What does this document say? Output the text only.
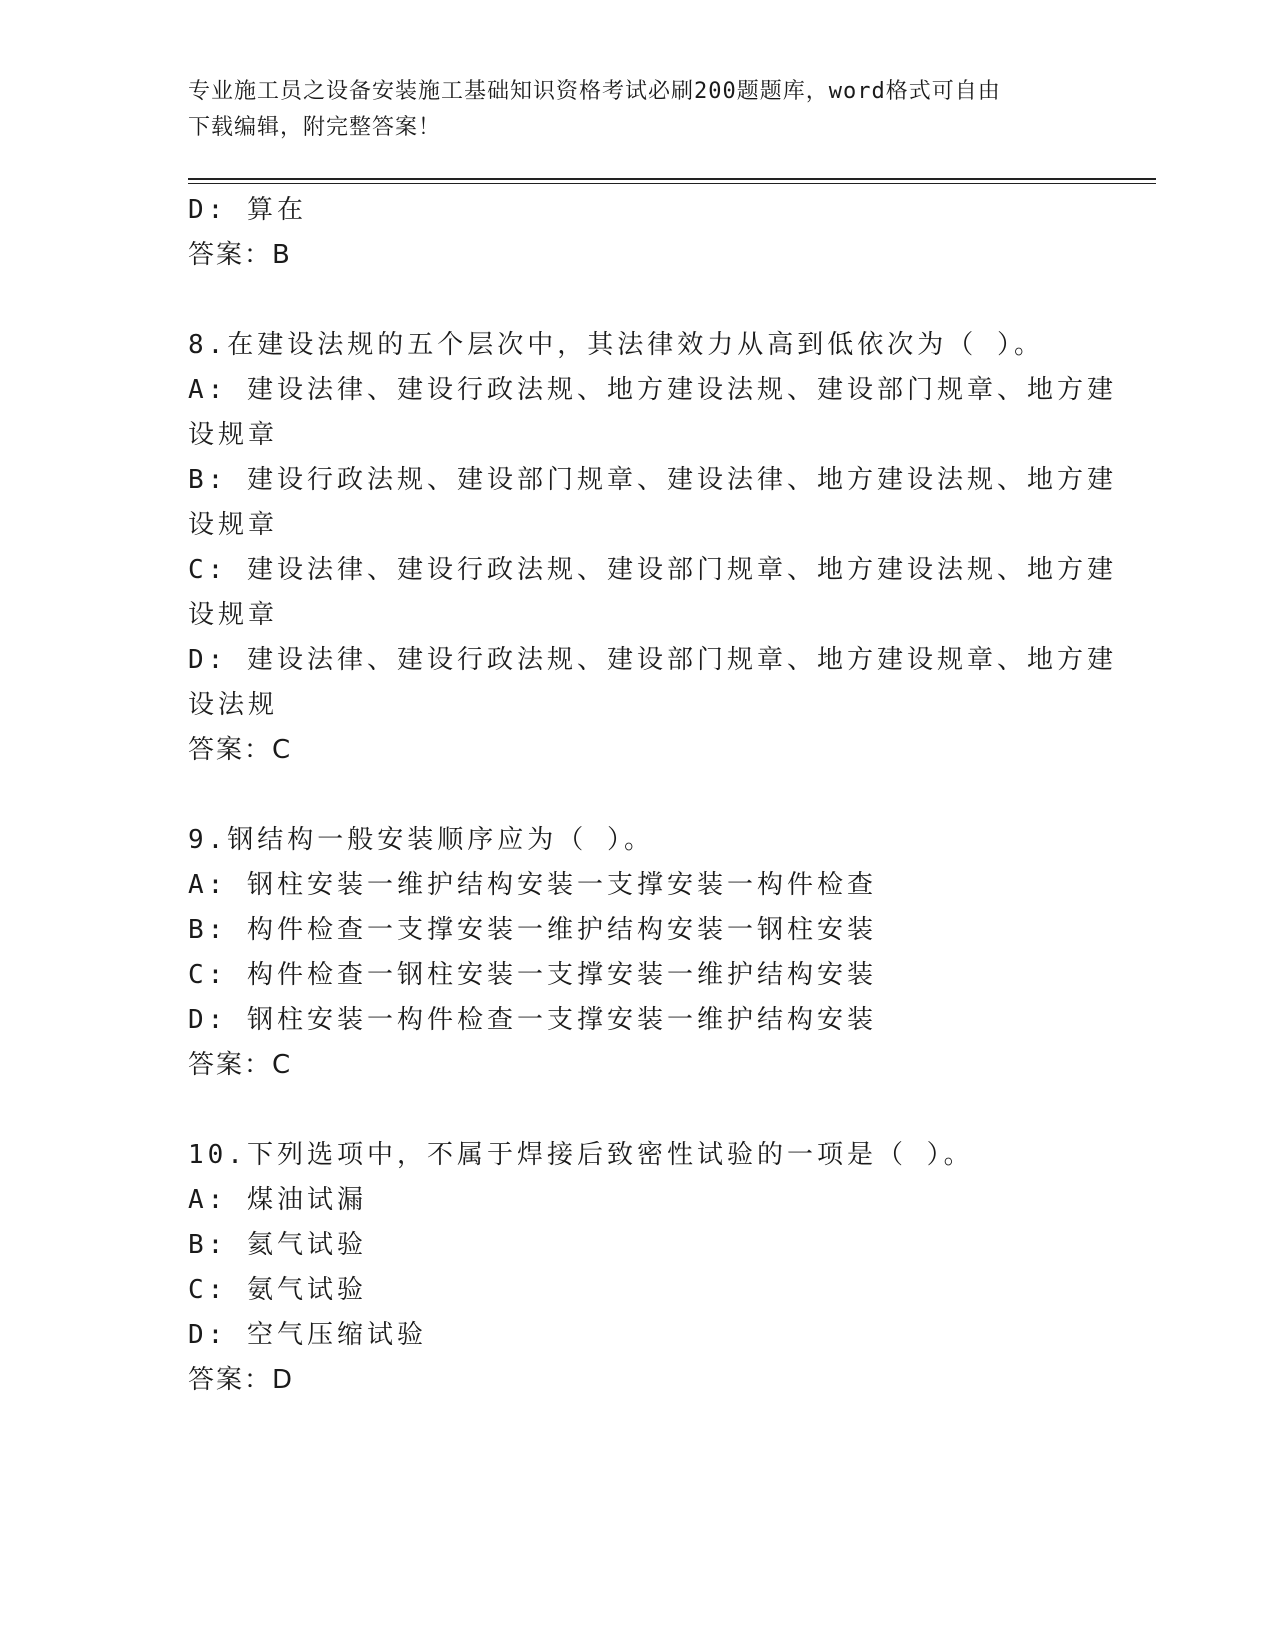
专业施工员之设备安装施工基础知识资格考试必刷200题题库，word格式可自由
下载编辑，附完整答案！
D: 算在
答案：B
8.在建设法规的五个层次中，其法律效力从高到低依次为（ ）。
A: 建设法律、建设行政法规、地方建设法规、建设部门规章、地方建
设规章
B: 建设行政法规、建设部门规章、建设法律、地方建设法规、地方建
设规章
C: 建设法律、建设行政法规、建设部门规章、地方建设法规、地方建
设规章
D: 建设法律、建设行政法规、建设部门规章、地方建设规章、地方建
设法规
答案：C
9.钢结构一般安装顺序应为（ ）。
A: 钢柱安装一维护结构安装一支撑安装一构件检查
B: 构件检查一支撑安装一维护结构安装一钢柱安装
C: 构件检查一钢柱安装一支撑安装一维护结构安装
D: 钢柱安装一构件检查一支撑安装一维护结构安装
答案：C
10.下列选项中，不属于焊接后致密性试验的一项是（ ）。
A: 煤油试漏
B: 氦气试验
C: 氨气试验
D: 空气压缩试验
答案：D
